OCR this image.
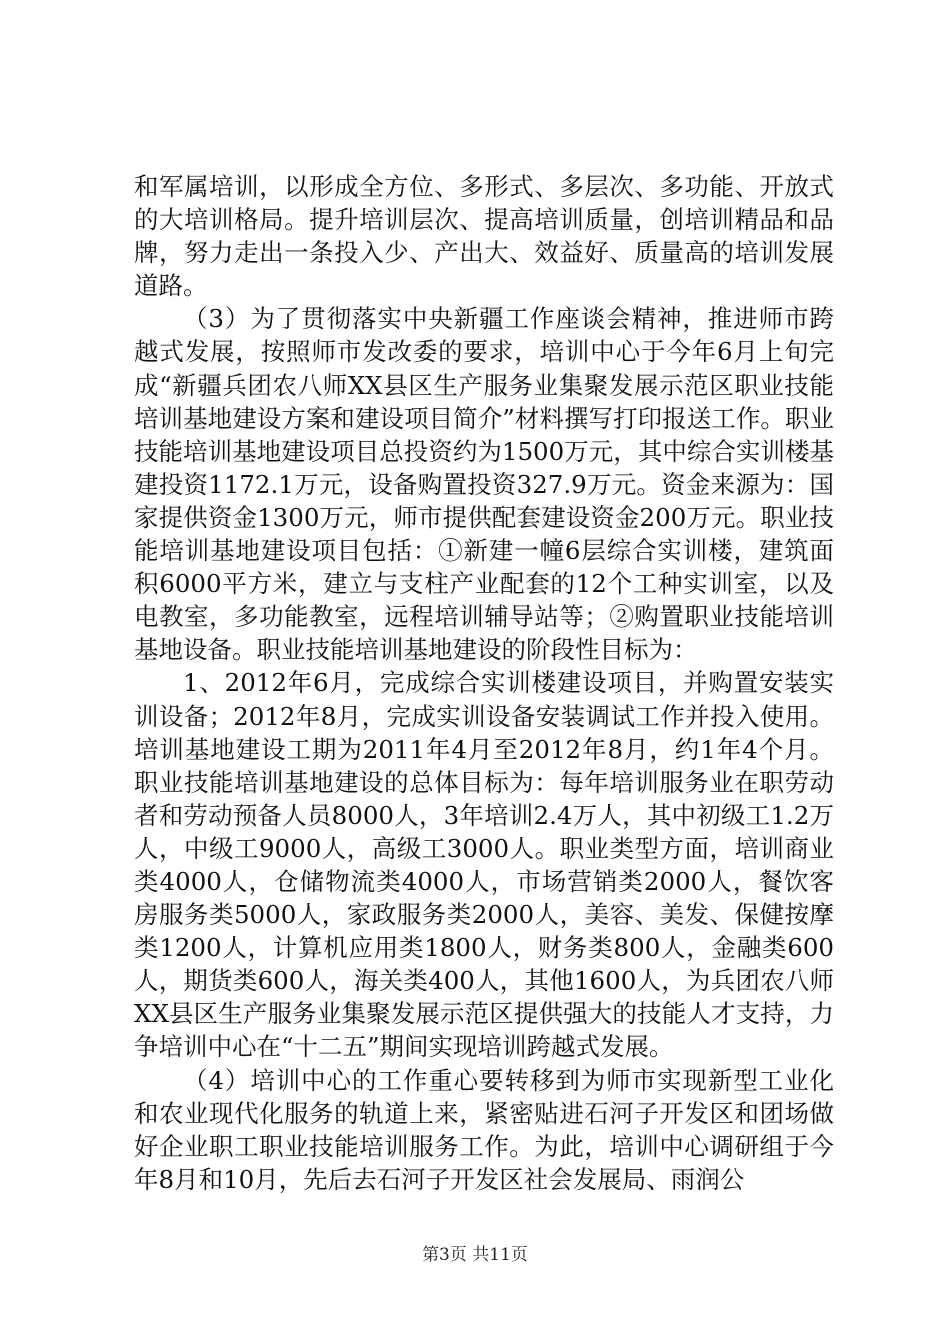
和军属培训，以形成全方位、多形式、多层次、多功能、开放式的大培训格局。提升培训层次、提高培训质量，创培训精品和品牌，努力走出一条投入少、产出大、效益好、质量高的培训发展道路。

（3）为了贯彻落实中央新疆工作座谈会精神，推进师市跨越式发展，按照师市发改委的要求，培训中心于今年6月上旬完成“新疆兵团农八师XX县区生产服务业集聚发展示范区职业技能培训基地建设方案和建设项目简介”材料撰写打印报送工作。职业技能培训基地建设项目总投资约为1500万元，其中综合实训楼基建投资1172.1万元，设备购置投资327.9万元。资金来源为：国家提供资金1300万元，师市提供配套建设资金200万元。职业技能培训基地建设项目包括：①新建一幢6层综合实训楼，建筑面积6000平方米，建立与支柱产业配套的12个工种实训室，以及电教室，多功能教室，远程培训辅导站等；②购置职业技能培训基地设备。职业技能培训基地建设的阶段性目标为：

1、2012年6月，完成综合实训楼建设项目，并购置安装实训设备；2012年8月，完成实训设备安装调试工作并投入使用。培训基地建设工期为2011年4月至2012年8月，约1年4个月。职业技能培训基地建设的总体目标为：每年培训服务业在职劳动者和劳动预备人员8000人，3年培训2.4万人，其中初级工1.2万人，中级工9000人，高级工3000人。职业类型方面，培训商业类4000人，仓储物流类4000人，市场营销类2000人，餐饮客房服务类5000人，家政服务类2000人，美容、美发、保健按摩类1200人，计算机应用类1800人，财务类800人，金融类600人，期货类600人，海关类400人，其他1600人，为兵团农八师XX县区生产服务业集聚发展示范区提供强大的技能人才支持，力争培训中心在“十二五”期间实现培训跨越式发展。

（4）培训中心的工作重心要转移到为师市实现新型工业化和农业现代化服务的轨道上来，紧密贴进石河子开发区和团场做好企业职工职业技能培训服务工作。为此，培训中心调研组于今年8月和10月，先后去石河子开发区社会发展局、雨润公

第3页 共11页
